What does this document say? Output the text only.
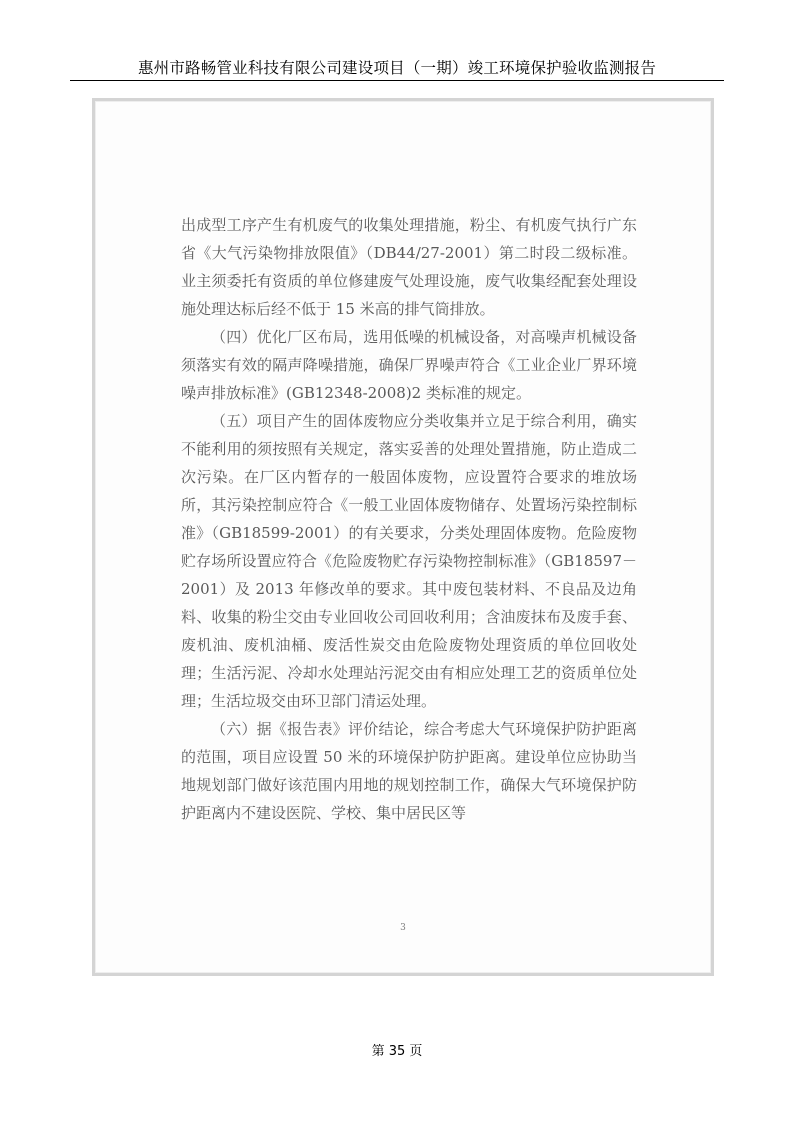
惠州市路畅管业科技有限公司建设项目（一期）竣工环境保护验收监测报告

出成型工序产生有机废气的收集处理措施，粉尘、有机废气执行广东省《大气污染物排放限值》（DB44/27-2001）第二时段二级标准。业主须委托有资质的单位修建废气处理设施，废气收集经配套处理设施处理达标后经不低于 15 米高的排气筒排放。

（四）优化厂区布局，选用低噪的机械设备，对高噪声机械设备须落实有效的隔声降噪措施，确保厂界噪声符合《工业企业厂界环境噪声排放标准》(GB12348-2008)2 类标准的规定。

（五）项目产生的固体废物应分类收集并立足于综合利用，确实不能利用的须按照有关规定，落实妥善的处理处置措施，防止造成二次污染。在厂区内暂存的一般固体废物，应设置符合要求的堆放场所，其污染控制应符合《一般工业固体废物储存、处置场污染控制标准》（GB18599-2001）的有关要求，分类处理固体废物。危险废物贮存场所设置应符合《危险废物贮存污染物控制标准》（GB18597－2001）及 2013 年修改单的要求。其中废包装材料、不良品及边角料、收集的粉尘交由专业回收公司回收利用；含油废抹布及废手套、废机油、废机油桶、废活性炭交由危险废物处理资质的单位回收处理；生活污泥、冷却水处理站污泥交由有相应处理工艺的资质单位处理；生活垃圾交由环卫部门清运处理。

（六）据《报告表》评价结论，综合考虑大气环境保护防护距离的范围，项目应设置 50 米的环境保护防护距离。建设单位应协助当地规划部门做好该范围内用地的规划控制工作，确保大气环境保护防护距离内不建设医院、学校、集中居民区等

3
第 35 页
